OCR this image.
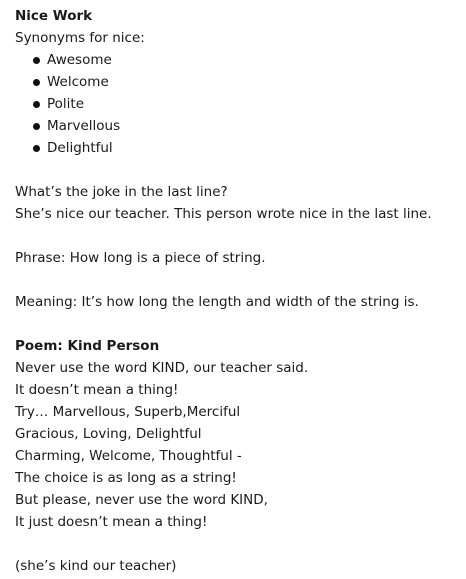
Nice Work
Synonyms for nice:
Awesome
Welcome
Polite
Marvellous
Delightful
What’s the joke in the last line?
She’s nice our teacher. This person wrote nice in the last line.
Phrase: How long is a piece of string.
Meaning: It’s how long the length and width of the string is.
Poem: Kind Person
Never use the word KIND, our teacher said.
It doesn’t mean a thing!
Try… Marvellous, Superb,Merciful
Gracious, Loving, Delightful
Charming, Welcome, Thoughtful -
The choice is as long as a string!
But please, never use the word KIND,
It just doesn’t mean a thing!
(she’s kind our teacher)
